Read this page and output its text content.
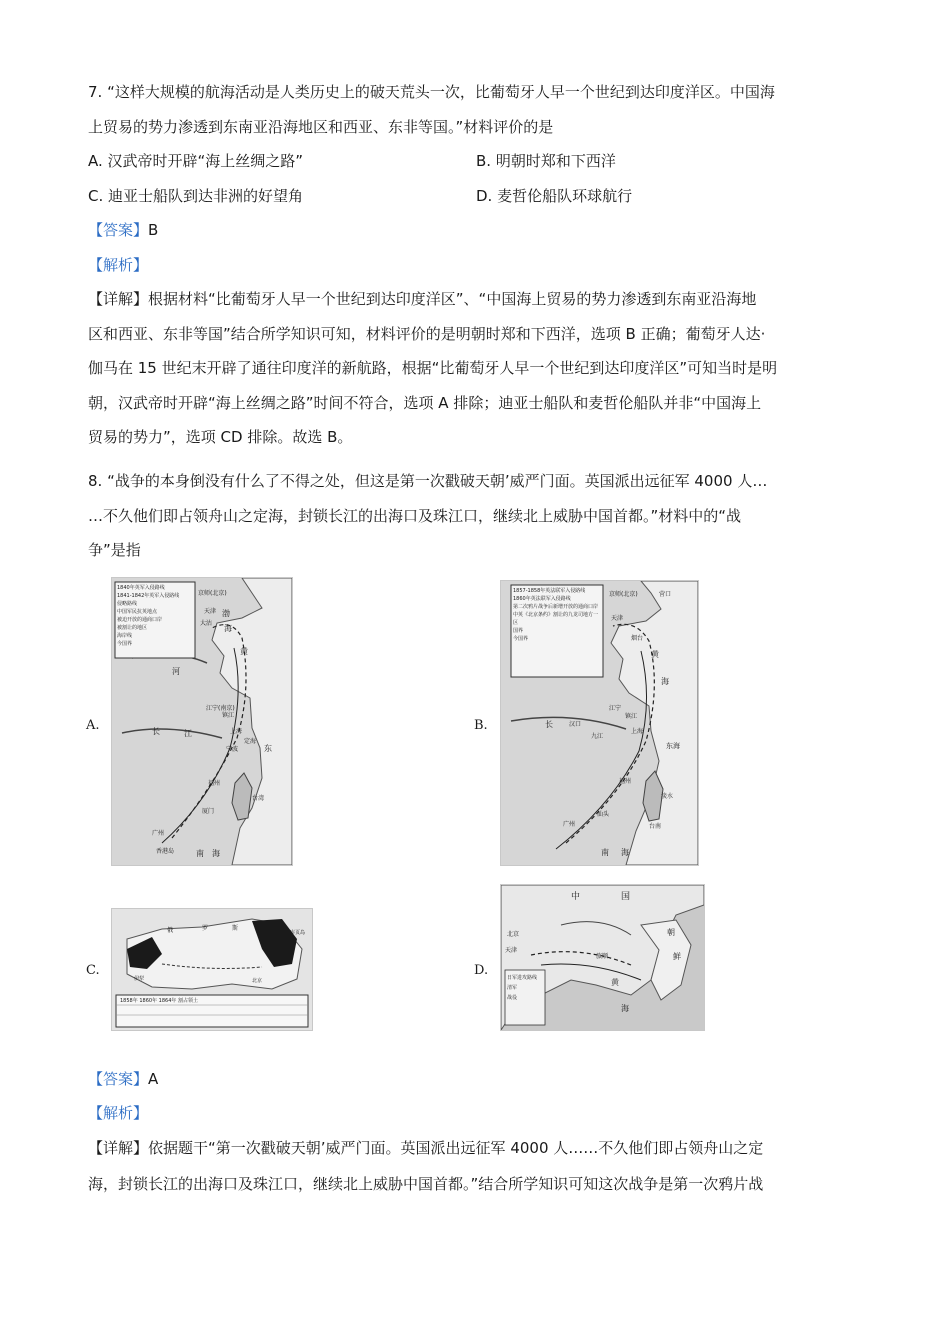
7. “这样大规模的航海活动是人类历史上的破天荒头一次，比葡萄牙人早一个世纪到达印度洋区。中国海
上贸易的势力渗透到东南亚沿海地区和西亚、东非等国。”材料评价的是
A. 汉武帝时开辟“海上丝绸之路”	B. 明朝时郑和下西洋
C. 迪亚士船队到达非洲的好望角	D. 麦哲伦船队环球航行
【答案】B
【解析】
【详解】根据材料“比葡萄牙人早一个世纪到达印度洋区”、“中国海上贸易的势力渗透到东南亚沿海地
区和西亚、东非等国”结合所学知识可知，材料评价的是明朝时郑和下西洋，选项 B 正确；葡萄牙人达·
伽马在 15 世纪末开辟了通往印度洋的新航路，根据“比葡萄牙人早一个世纪到达印度洋区”可知当时是明
朝，汉武帝时开辟“海上丝绸之路”时间不符合，选项 A 排除；迪亚士船队和麦哲伦船队并非“中国海上
贸易的势力”，选项 CD 排除。故选 B。
8. “战争的本身倒没有什么了不得之处，但这是第一次戳破天朝’威严门面。英国派出远征军 4000 人…
…不久他们即占领舟山之定海，封锁长江的出海口及珠江口，继续北上威胁中国首都。”材料中的“战
争”是指
A.	B.
C.	D.
1840年英军入侵路线
1841-1842年英军入侵路线
侵略路线
中国军民抗英地点
被迫开放的通商口岸
被割让的地区
海岸线
今国界
京师(北京)
天津
大沽
渤
海
黄
河
江宁(南京)
镇江
上海
长	江
宁波
定海
东
福州
厦门
台湾
广州
香港岛	南 海
1857-1858年英法联军入侵路线
1860年英法联军入侵路线
第二次鸦片战争后新增开放的通商口岸
中英《北京条约》割让的九龙司地方一区
国界
今国界
京师(北京)	营口
天津
烟台
长	汉口
九江
江宁
镇江
上海
东海
福州
淡水
广州
汕头
台南
黄
海
南 海
俄	罗	斯
库页岛
伊犁	北京
1858年 1860年 1864年 割占领土
中	国
朝
鲜
天津
北京
黄
海
旅顺
日军进攻路线
清军
战役
【答案】A
【解析】
【详解】依据题干“第一次戳破天朝’威严门面。英国派出远征军 4000 人……不久他们即占领舟山之定
海，封锁长江的出海口及珠江口，继续北上威胁中国首都。”结合所学知识可知这次战争是第一次鸦片战
